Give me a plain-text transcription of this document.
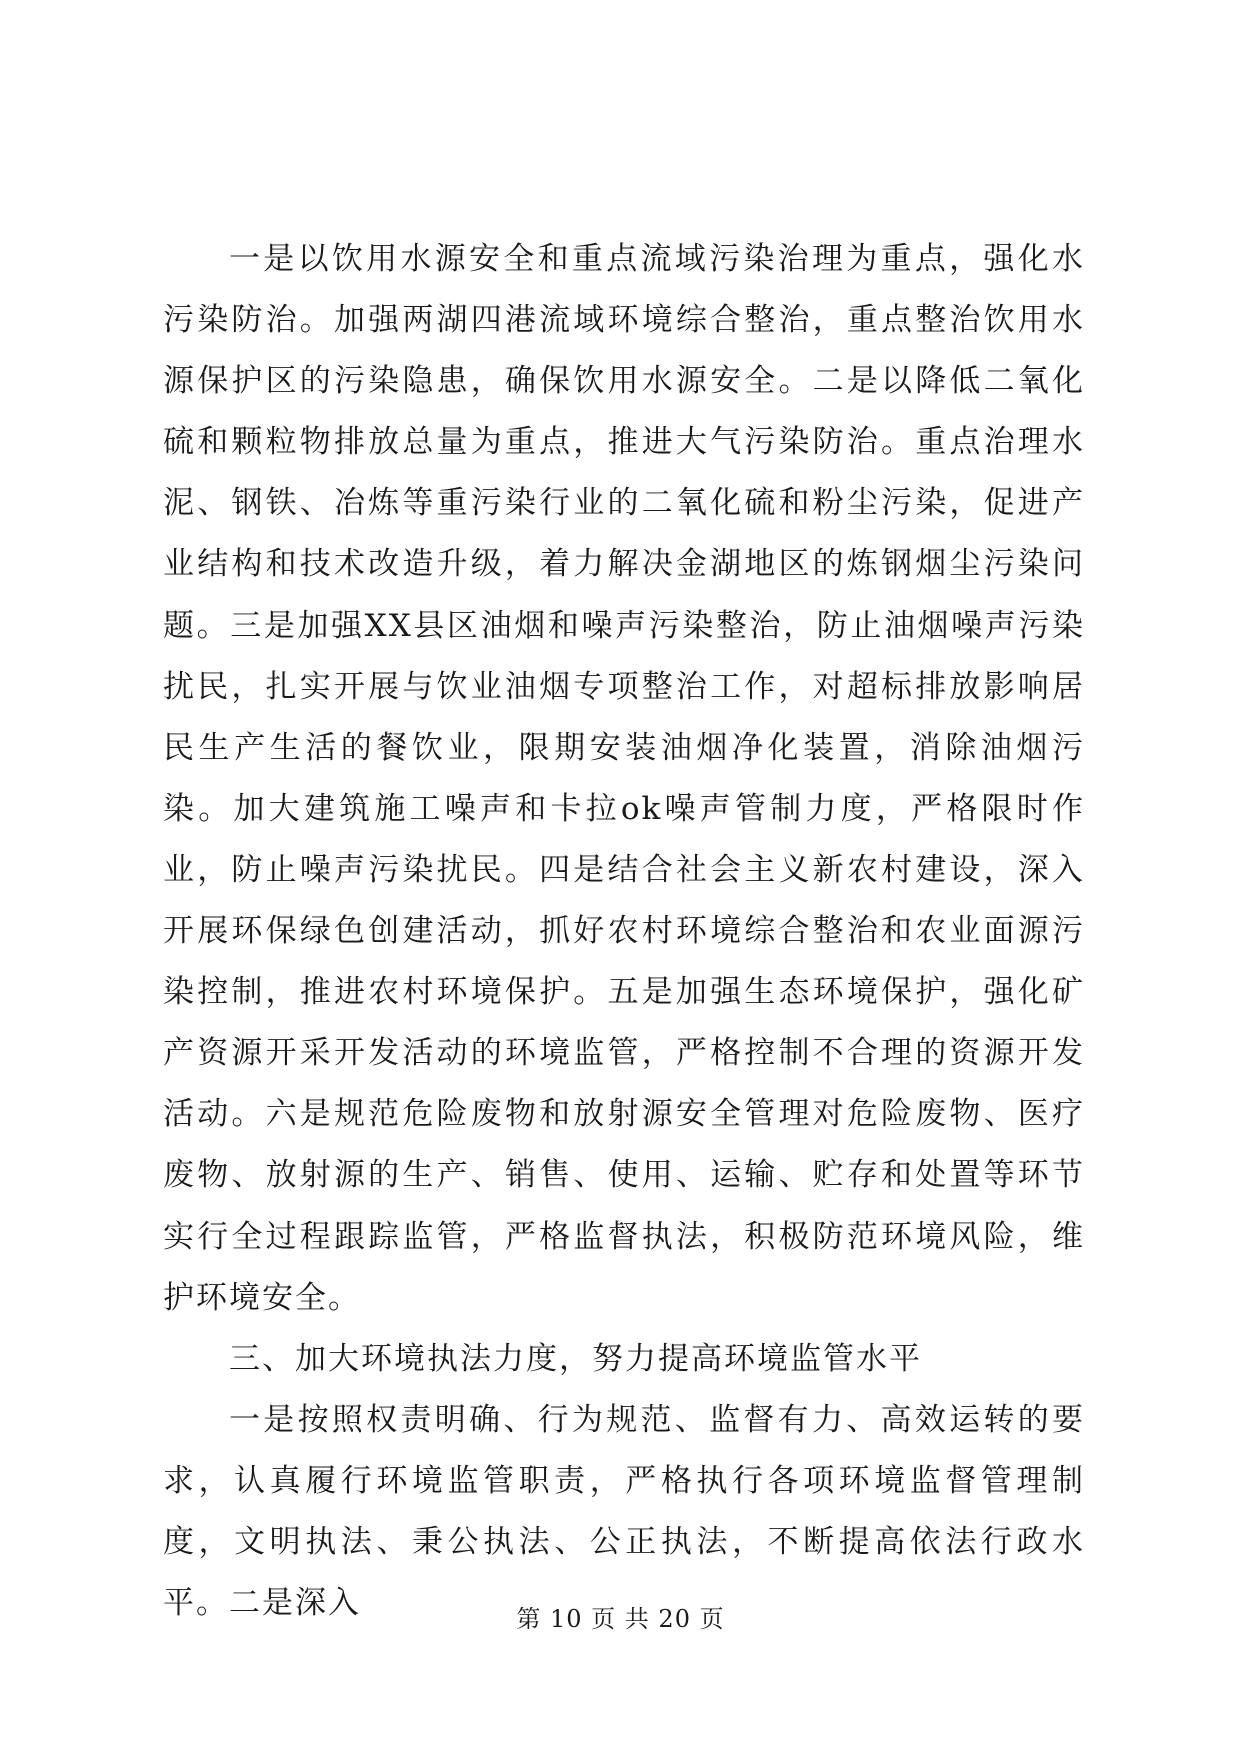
一是以饮用水源安全和重点流域污染治理为重点，强化水污染防治。加强两湖四港流域环境综合整治，重点整治饮用水源保护区的污染隐患，确保饮用水源安全。二是以降低二氧化硫和颗粒物排放总量为重点，推进大气污染防治。重点治理水泥、钢铁、冶炼等重污染行业的二氧化硫和粉尘污染，促进产业结构和技术改造升级，着力解决金湖地区的炼钢烟尘污染问题。三是加强XX县区油烟和噪声污染整治，防止油烟噪声污染扰民，扎实开展与饮业油烟专项整治工作，对超标排放影响居民生产生活的餐饮业，限期安装油烟净化装置，消除油烟污染。加大建筑施工噪声和卡拉ok噪声管制力度，严格限时作业，防止噪声污染扰民。四是结合社会主义新农村建设，深入开展环保绿色创建活动，抓好农村环境综合整治和农业面源污染控制，推进农村环境保护。五是加强生态环境保护，强化矿产资源开采开发活动的环境监管，严格控制不合理的资源开发活动。六是规范危险废物和放射源安全管理对危险废物、医疗废物、放射源的生产、销售、使用、运输、贮存和处置等环节实行全过程跟踪监管，严格监督执法，积极防范环境风险，维护环境安全。

三、加大环境执法力度，努力提高环境监管水平

一是按照权责明确、行为规范、监督有力、高效运转的要求，认真履行环境监管职责，严格执行各项环境监督管理制度，文明执法、秉公执法、公正执法，不断提高依法行政水平。二是深入	第 10 页 共 20 页
